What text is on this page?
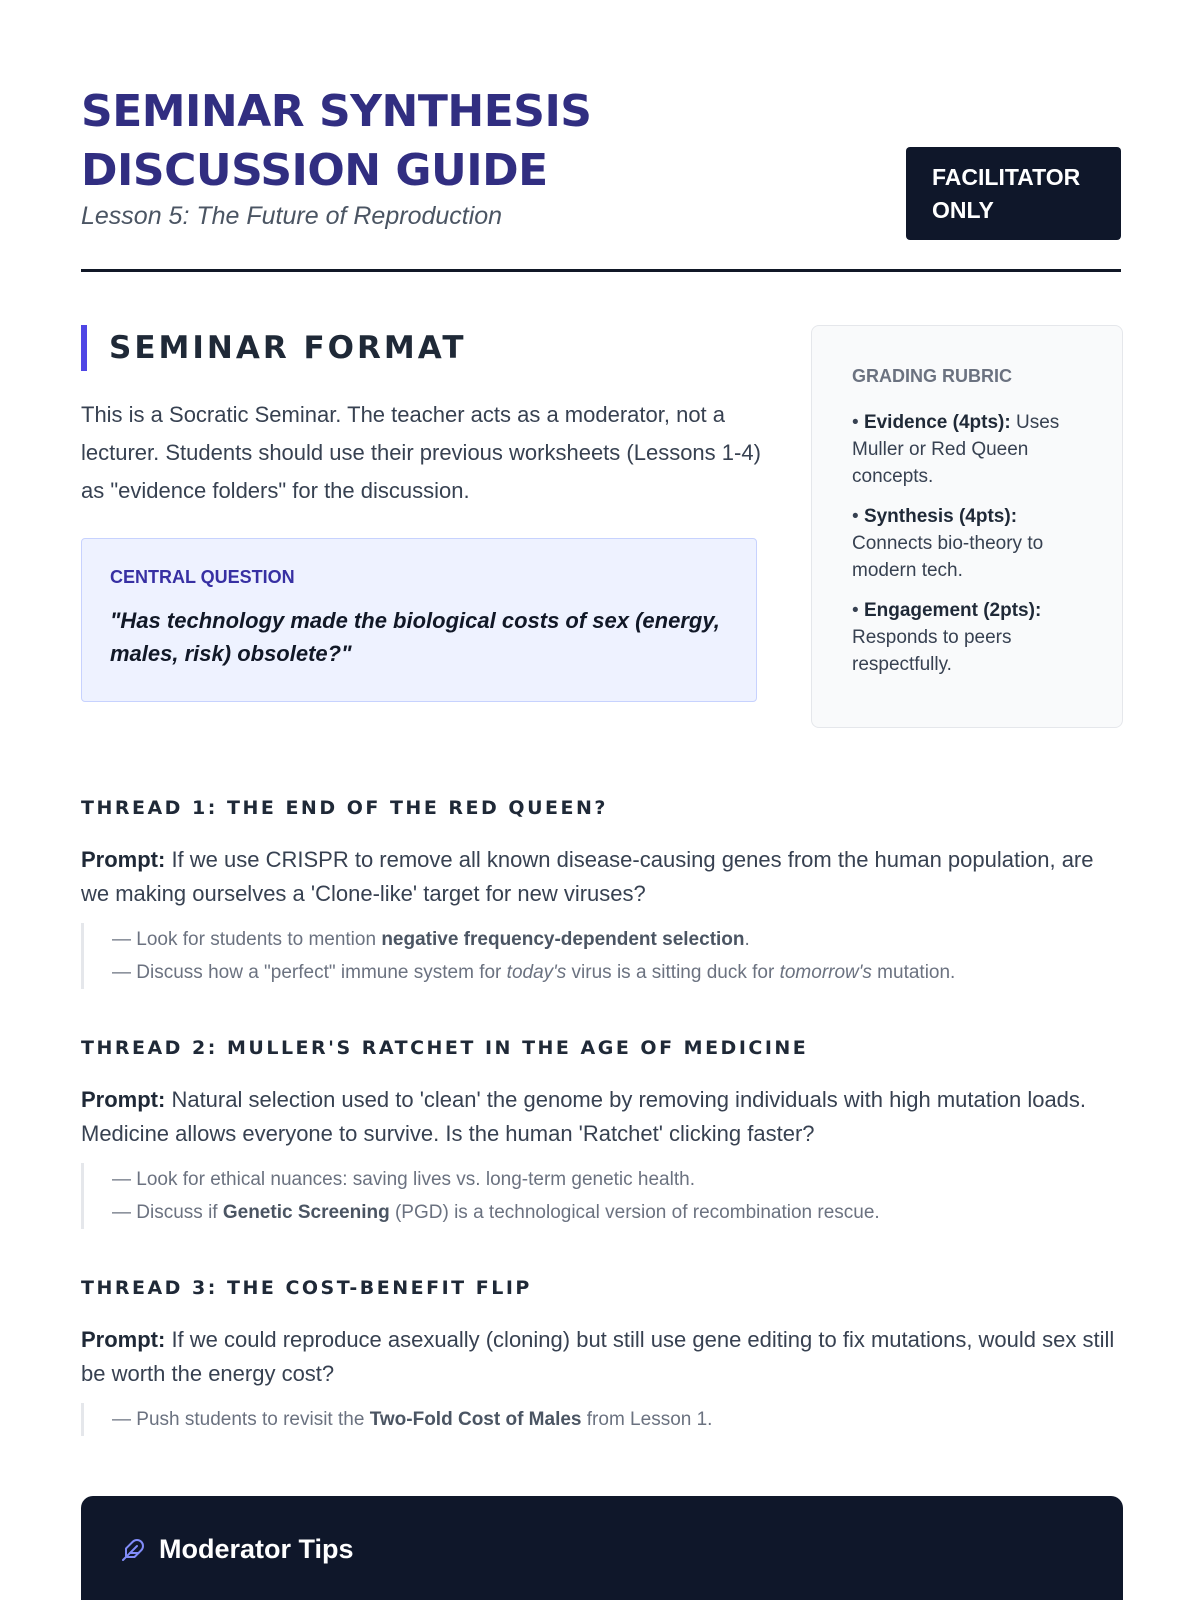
SEMINAR SYNTHESIS
DISCUSSION GUIDE
Lesson 5: The Future of Reproduction
FACILITATOR
ONLY
SEMINAR FORMAT
This is a Socratic Seminar. The teacher acts as a moderator, not a lecturer. Students should use their previous worksheets (Lessons 1-4) as "evidence folders" for the discussion.
CENTRAL QUESTION
"Has technology made the biological costs of sex (energy, males, risk) obsolete?"
GRADING RUBRIC
• Evidence (4pts): Uses Muller or Red Queen concepts.
• Synthesis (4pts): Connects bio-theory to modern tech.
• Engagement (2pts): Responds to peers respectfully.
THREAD 1: THE END OF THE RED QUEEN?
Prompt: If we use CRISPR to remove all known disease-causing genes from the human population, are we making ourselves a 'Clone-like' target for new viruses?
— Look for students to mention negative frequency-dependent selection.
— Discuss how a "perfect" immune system for today's virus is a sitting duck for tomorrow's mutation.
THREAD 2: MULLER'S RATCHET IN THE AGE OF MEDICINE
Prompt: Natural selection used to 'clean' the genome by removing individuals with high mutation loads. Medicine allows everyone to survive. Is the human 'Ratchet' clicking faster?
— Look for ethical nuances: saving lives vs. long-term genetic health.
— Discuss if Genetic Screening (PGD) is a technological version of recombination rescue.
THREAD 3: THE COST-BENEFIT FLIP
Prompt: If we could reproduce asexually (cloning) but still use gene editing to fix mutations, would sex still be worth the energy cost?
— Push students to revisit the Two-Fold Cost of Males from Lesson 1.
Moderator Tips
